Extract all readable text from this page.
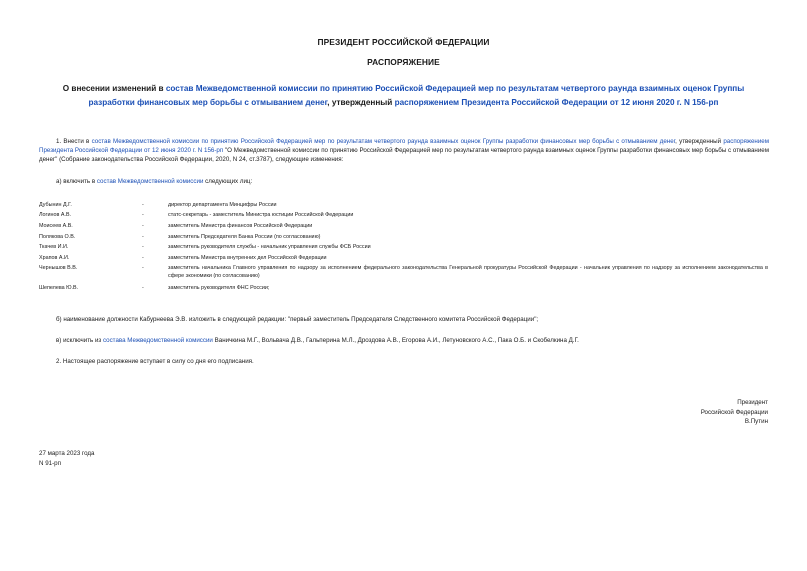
ПРЕЗИДЕНТ РОССИЙСКОЙ ФЕДЕРАЦИИ
РАСПОРЯЖЕНИЕ
О внесении изменений в состав Межведомственной комиссии по принятию Российской Федерацией мер по результатам четвертого раунда взаимных оценок Группы разработки финансовых мер борьбы с отмыванием денег, утвержденный распоряжением Президента Российской Федерации от 12 июня 2020 г. N 156-рп
1. Внести в состав Межведомственной комиссии по принятию Российской Федерацией мер по результатам четвертого раунда взаимных оценок Группы разработки финансовых мер борьбы с отмыванием денег, утвержденный распоряжением Президента Российской Федерации от 12 июня 2020 г. N 156-рп "О Межведомственной комиссии по принятию Российской Федерацией мер по результатам четвертого раунда взаимных оценок Группы разработки финансовых мер борьбы с отмыванием денег" (Собрание законодательства Российской Федерации, 2020, N 24, ст.3787), следующие изменения:
а) включить в состав Межведомственной комиссии следующих лиц:
Дубынин Д.Г.	-	директор департамента Минцифры России
Логинов А.В.	-	статс-секретарь - заместитель Министра юстиции Российской Федерации
Моисеев А.В.	-	заместитель Министра финансов Российской Федерации
Полякова О.В.	-	заместитель Председателя Банка России (по согласованию)
Ткачев И.И.	-	заместитель руководителя службы - начальник управления службы ФСБ России
Храпов А.И.	-	заместитель Министра внутренних дел Российской Федерации
Чернышов В.В.	-	заместитель начальника Главного управления по надзору за исполнением федерального законодательства Генеральной прокуратуры Российской Федерации - начальник управления по надзору за исполнением законодательства в сфере экономики (по согласованию)
Шепелева Ю.В.	-	заместитель руководителя ФНС России;
б) наименование должности Кабурнеева Э.В. изложить в следующей редакции: "первый заместитель Председателя Следственного комитета Российской Федерации";
в) исключить из состава Межведомственной комиссии Ваничкина М.Г., Вольвача Д.В., Гальперина М.Л., Дроздова А.В., Егорова А.И., Летуновского А.С., Пака О.Б. и Скобелкина Д.Г.
2. Настоящее распоряжение вступает в силу со дня его подписания.
Президент
Российской Федерации
В.Путин
27 марта 2023 года
N 91-рп
